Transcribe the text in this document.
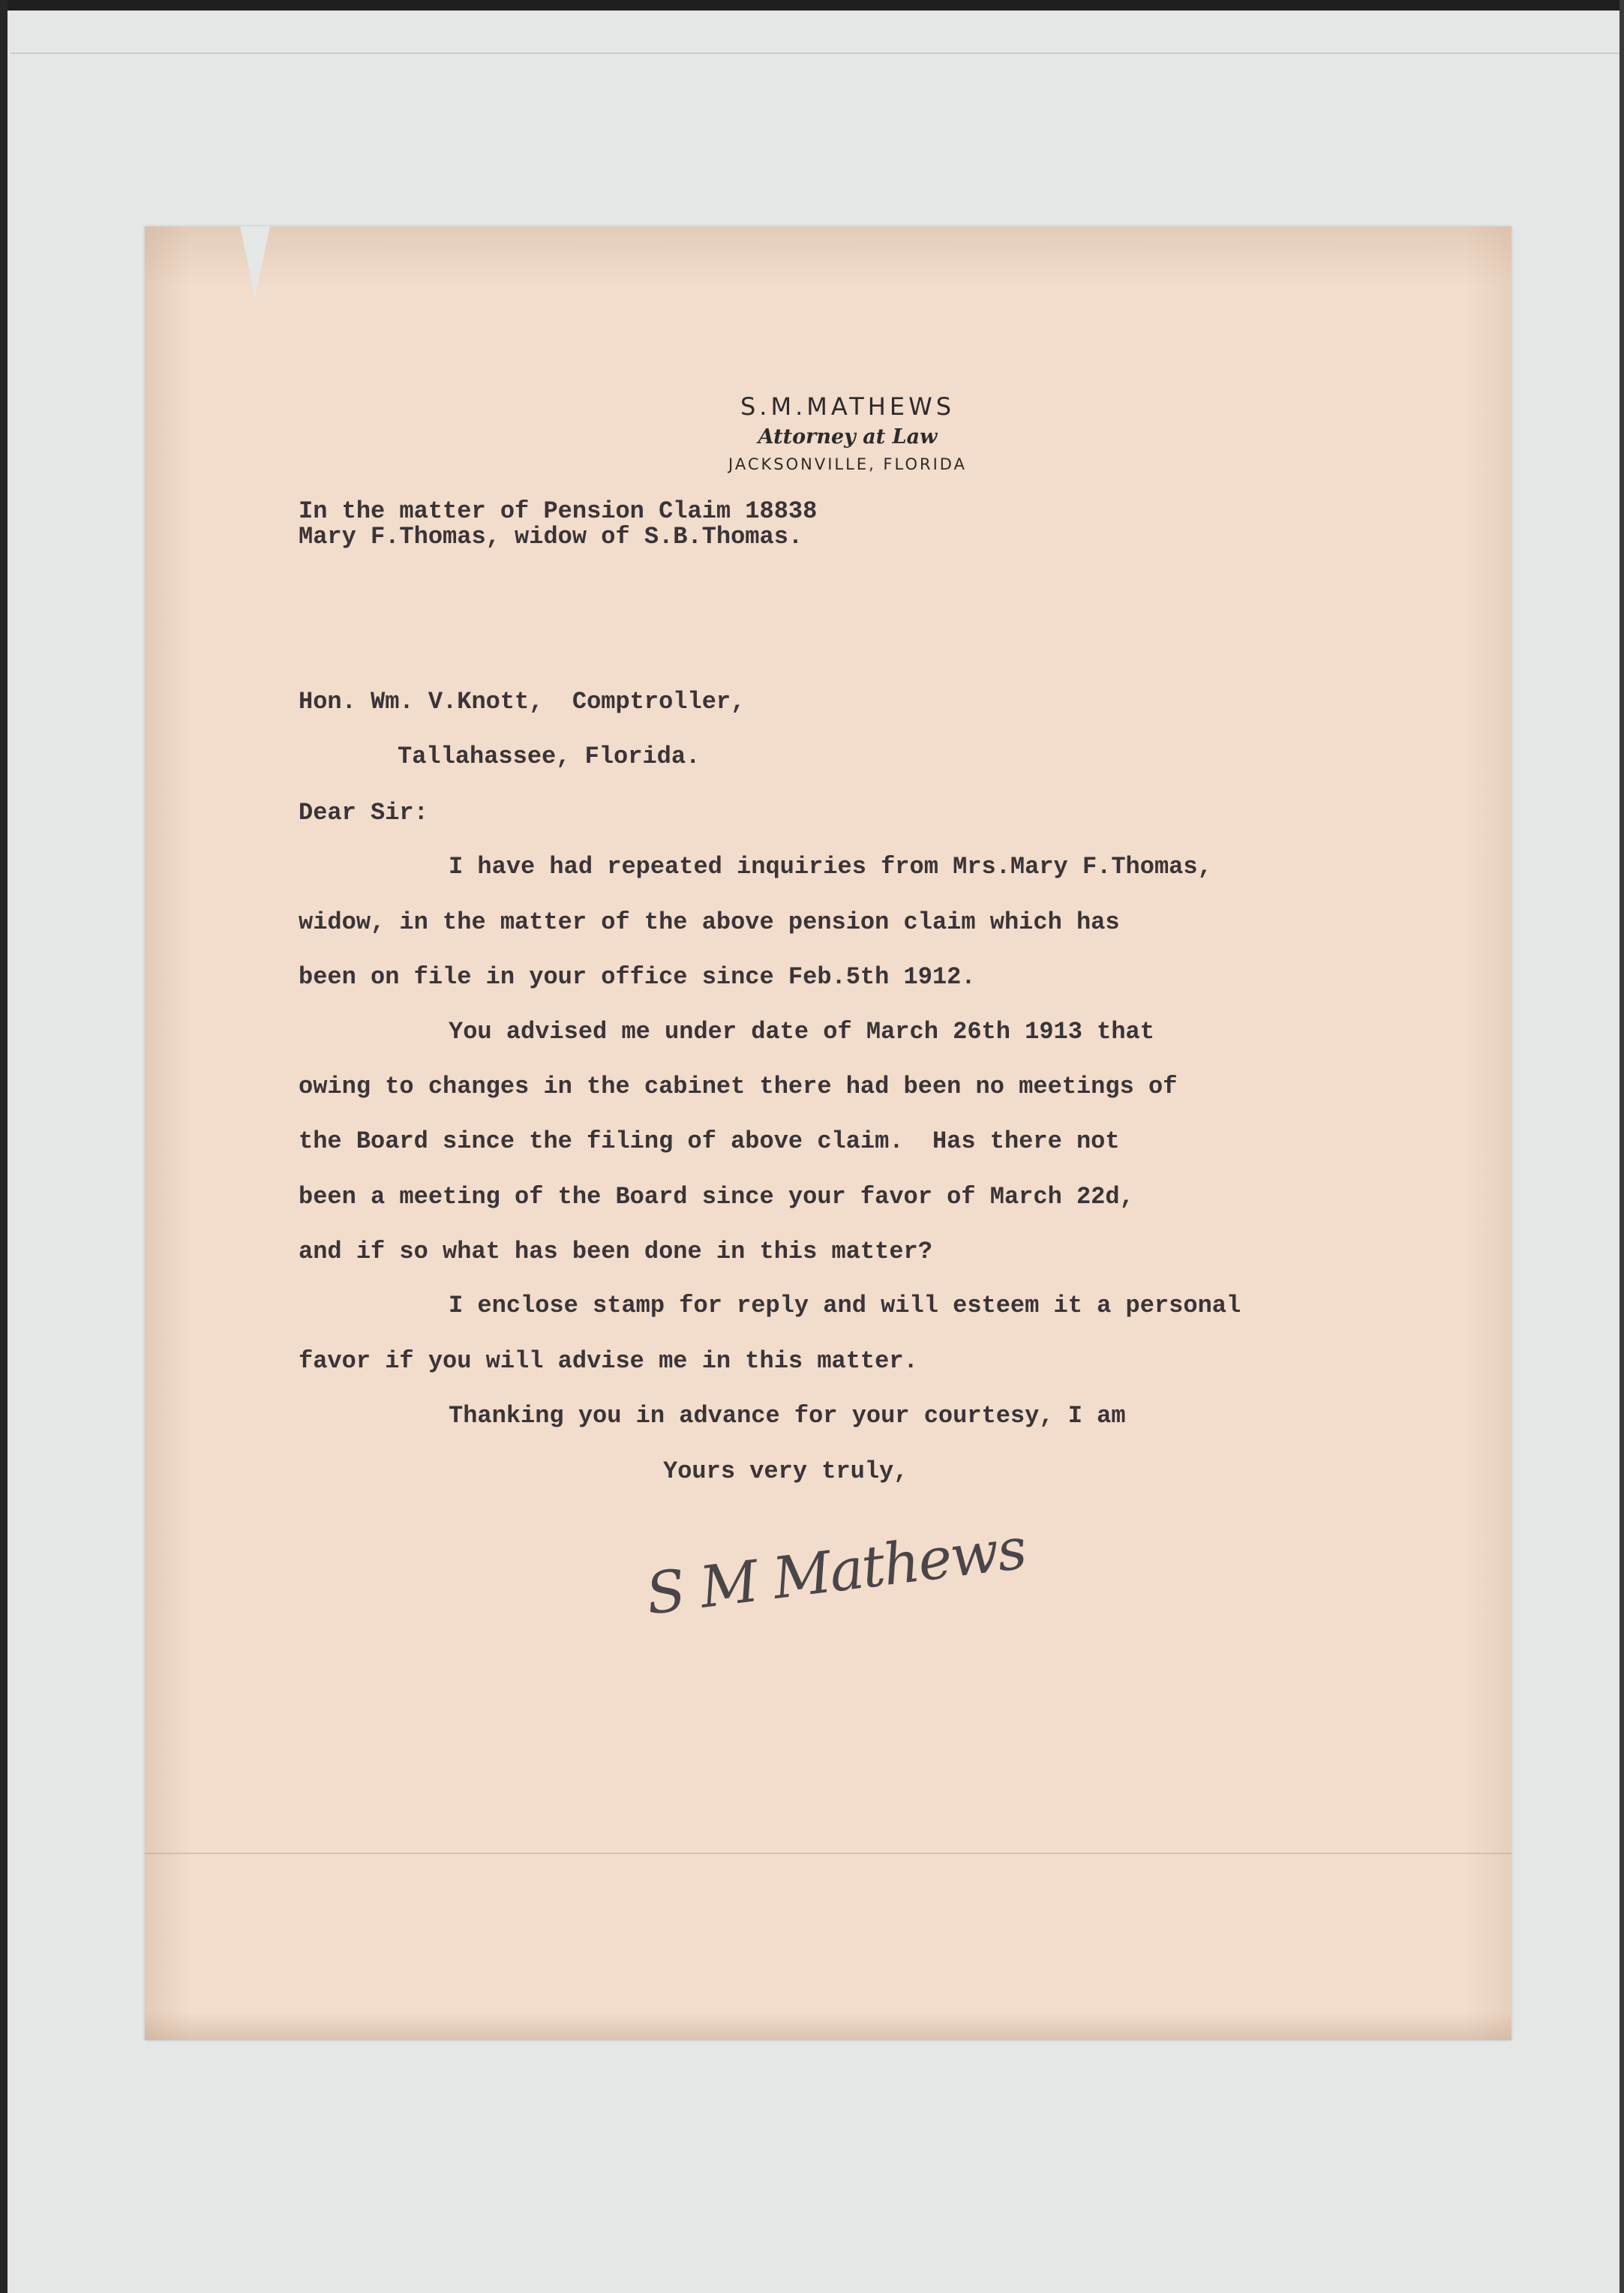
S.M.MATHEWS
Attorney at Law
JACKSONVILLE, FLORIDA
In the matter of Pension Claim 18838
Mary F.Thomas, widow of S.B.Thomas.
Hon. Wm. V.Knott,  Comptroller,
Tallahassee, Florida.
Dear Sir:
I have had repeated inquiries from Mrs.Mary F.Thomas,
widow, in the matter of the above pension claim which has
been on file in your office since Feb.5th 1912.
You advised me under date of March 26th 1913 that
owing to changes in the cabinet there had been no meetings of
the Board since the filing of above claim.  Has there not
been a meeting of the Board since your favor of March 22d,
and if so what has been done in this matter?
I enclose stamp for reply and will esteem it a personal
favor if you will advise me in this matter.
Thanking you in advance for your courtesy, I am
Yours very truly,
S M Mathews
